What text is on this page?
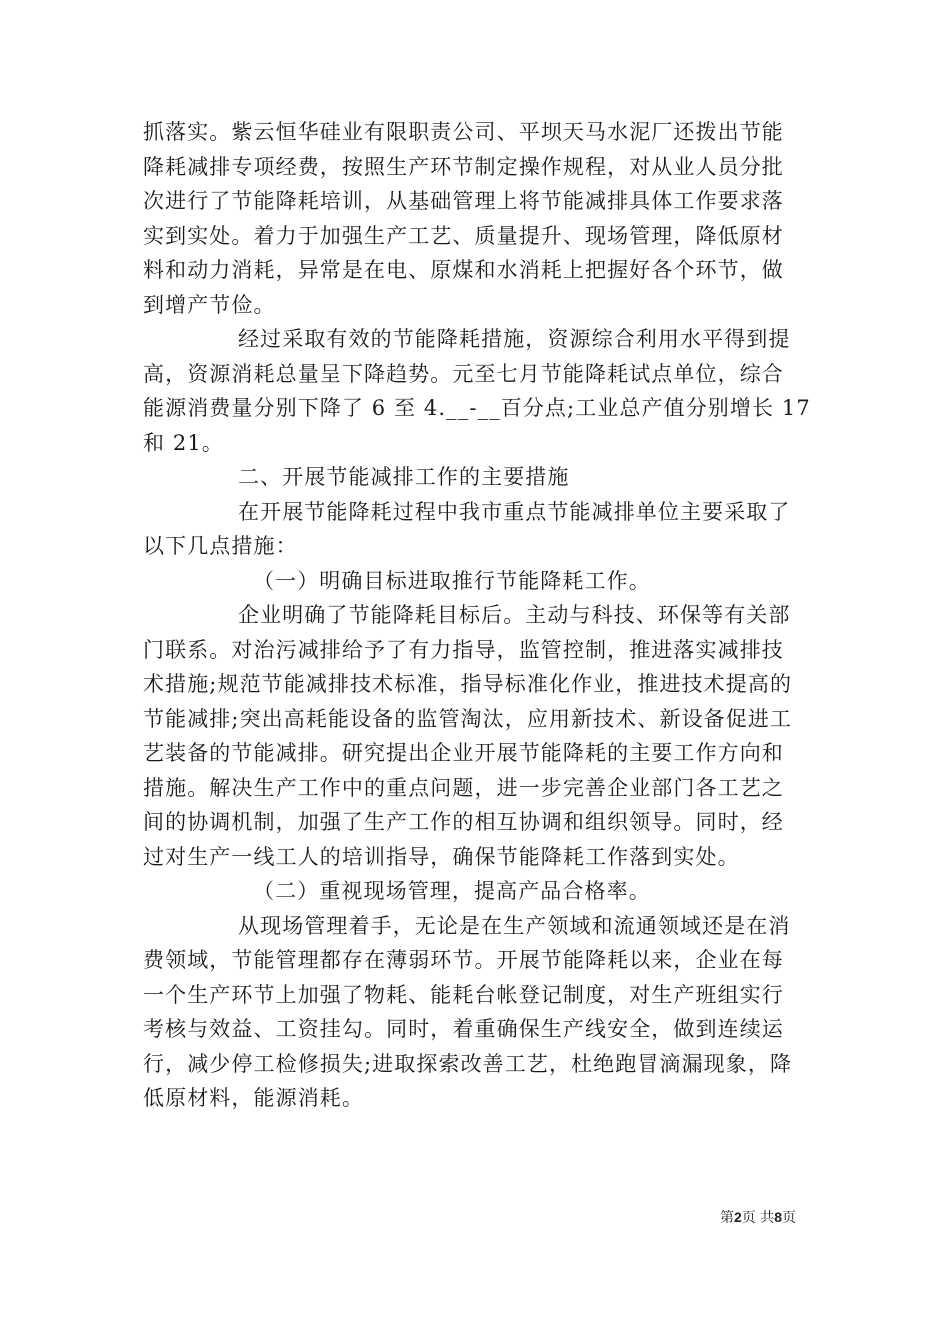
抓落实。紫云恒华硅业有限职责公司、平坝天马水泥厂还拨出节能
降耗减排专项经费，按照生产环节制定操作规程，对从业人员分批
次进行了节能降耗培训，从基础管理上将节能减排具体工作要求落
实到实处。着力于加强生产工艺、质量提升、现场管理，降低原材
料和动力消耗，异常是在电、原煤和水消耗上把握好各个环节，做
到增产节俭。
经过采取有效的节能降耗措施，资源综合利用水平得到提
高，资源消耗总量呈下降趋势。元至七月节能降耗试点单位，综合
能源消费量分别下降了 6 至 4.__-__百分点;工业总产值分别增长 17
和 21。
二、开展节能减排工作的主要措施
在开展节能降耗过程中我市重点节能减排单位主要采取了
以下几点措施：
（一）明确目标进取推行节能降耗工作。
企业明确了节能降耗目标后。主动与科技、环保等有关部
门联系。对治污减排给予了有力指导，监管控制，推进落实减排技
术措施;规范节能减排技术标准，指导标准化作业，推进技术提高的
节能减排;突出高耗能设备的监管淘汰，应用新技术、新设备促进工
艺装备的节能减排。研究提出企业开展节能降耗的主要工作方向和
措施。解决生产工作中的重点问题，进一步完善企业部门各工艺之
间的协调机制，加强了生产工作的相互协调和组织领导。同时，经
过对生产一线工人的培训指导，确保节能降耗工作落到实处。
（二）重视现场管理，提高产品合格率。
从现场管理着手，无论是在生产领域和流通领域还是在消
费领域，节能管理都存在薄弱环节。开展节能降耗以来，企业在每
一个生产环节上加强了物耗、能耗台帐登记制度，对生产班组实行
考核与效益、工资挂勾。同时，着重确保生产线安全，做到连续运
行，减少停工检修损失;进取探索改善工艺，杜绝跑冒滴漏现象，降
低原材料，能源消耗。
第2页 共8页
